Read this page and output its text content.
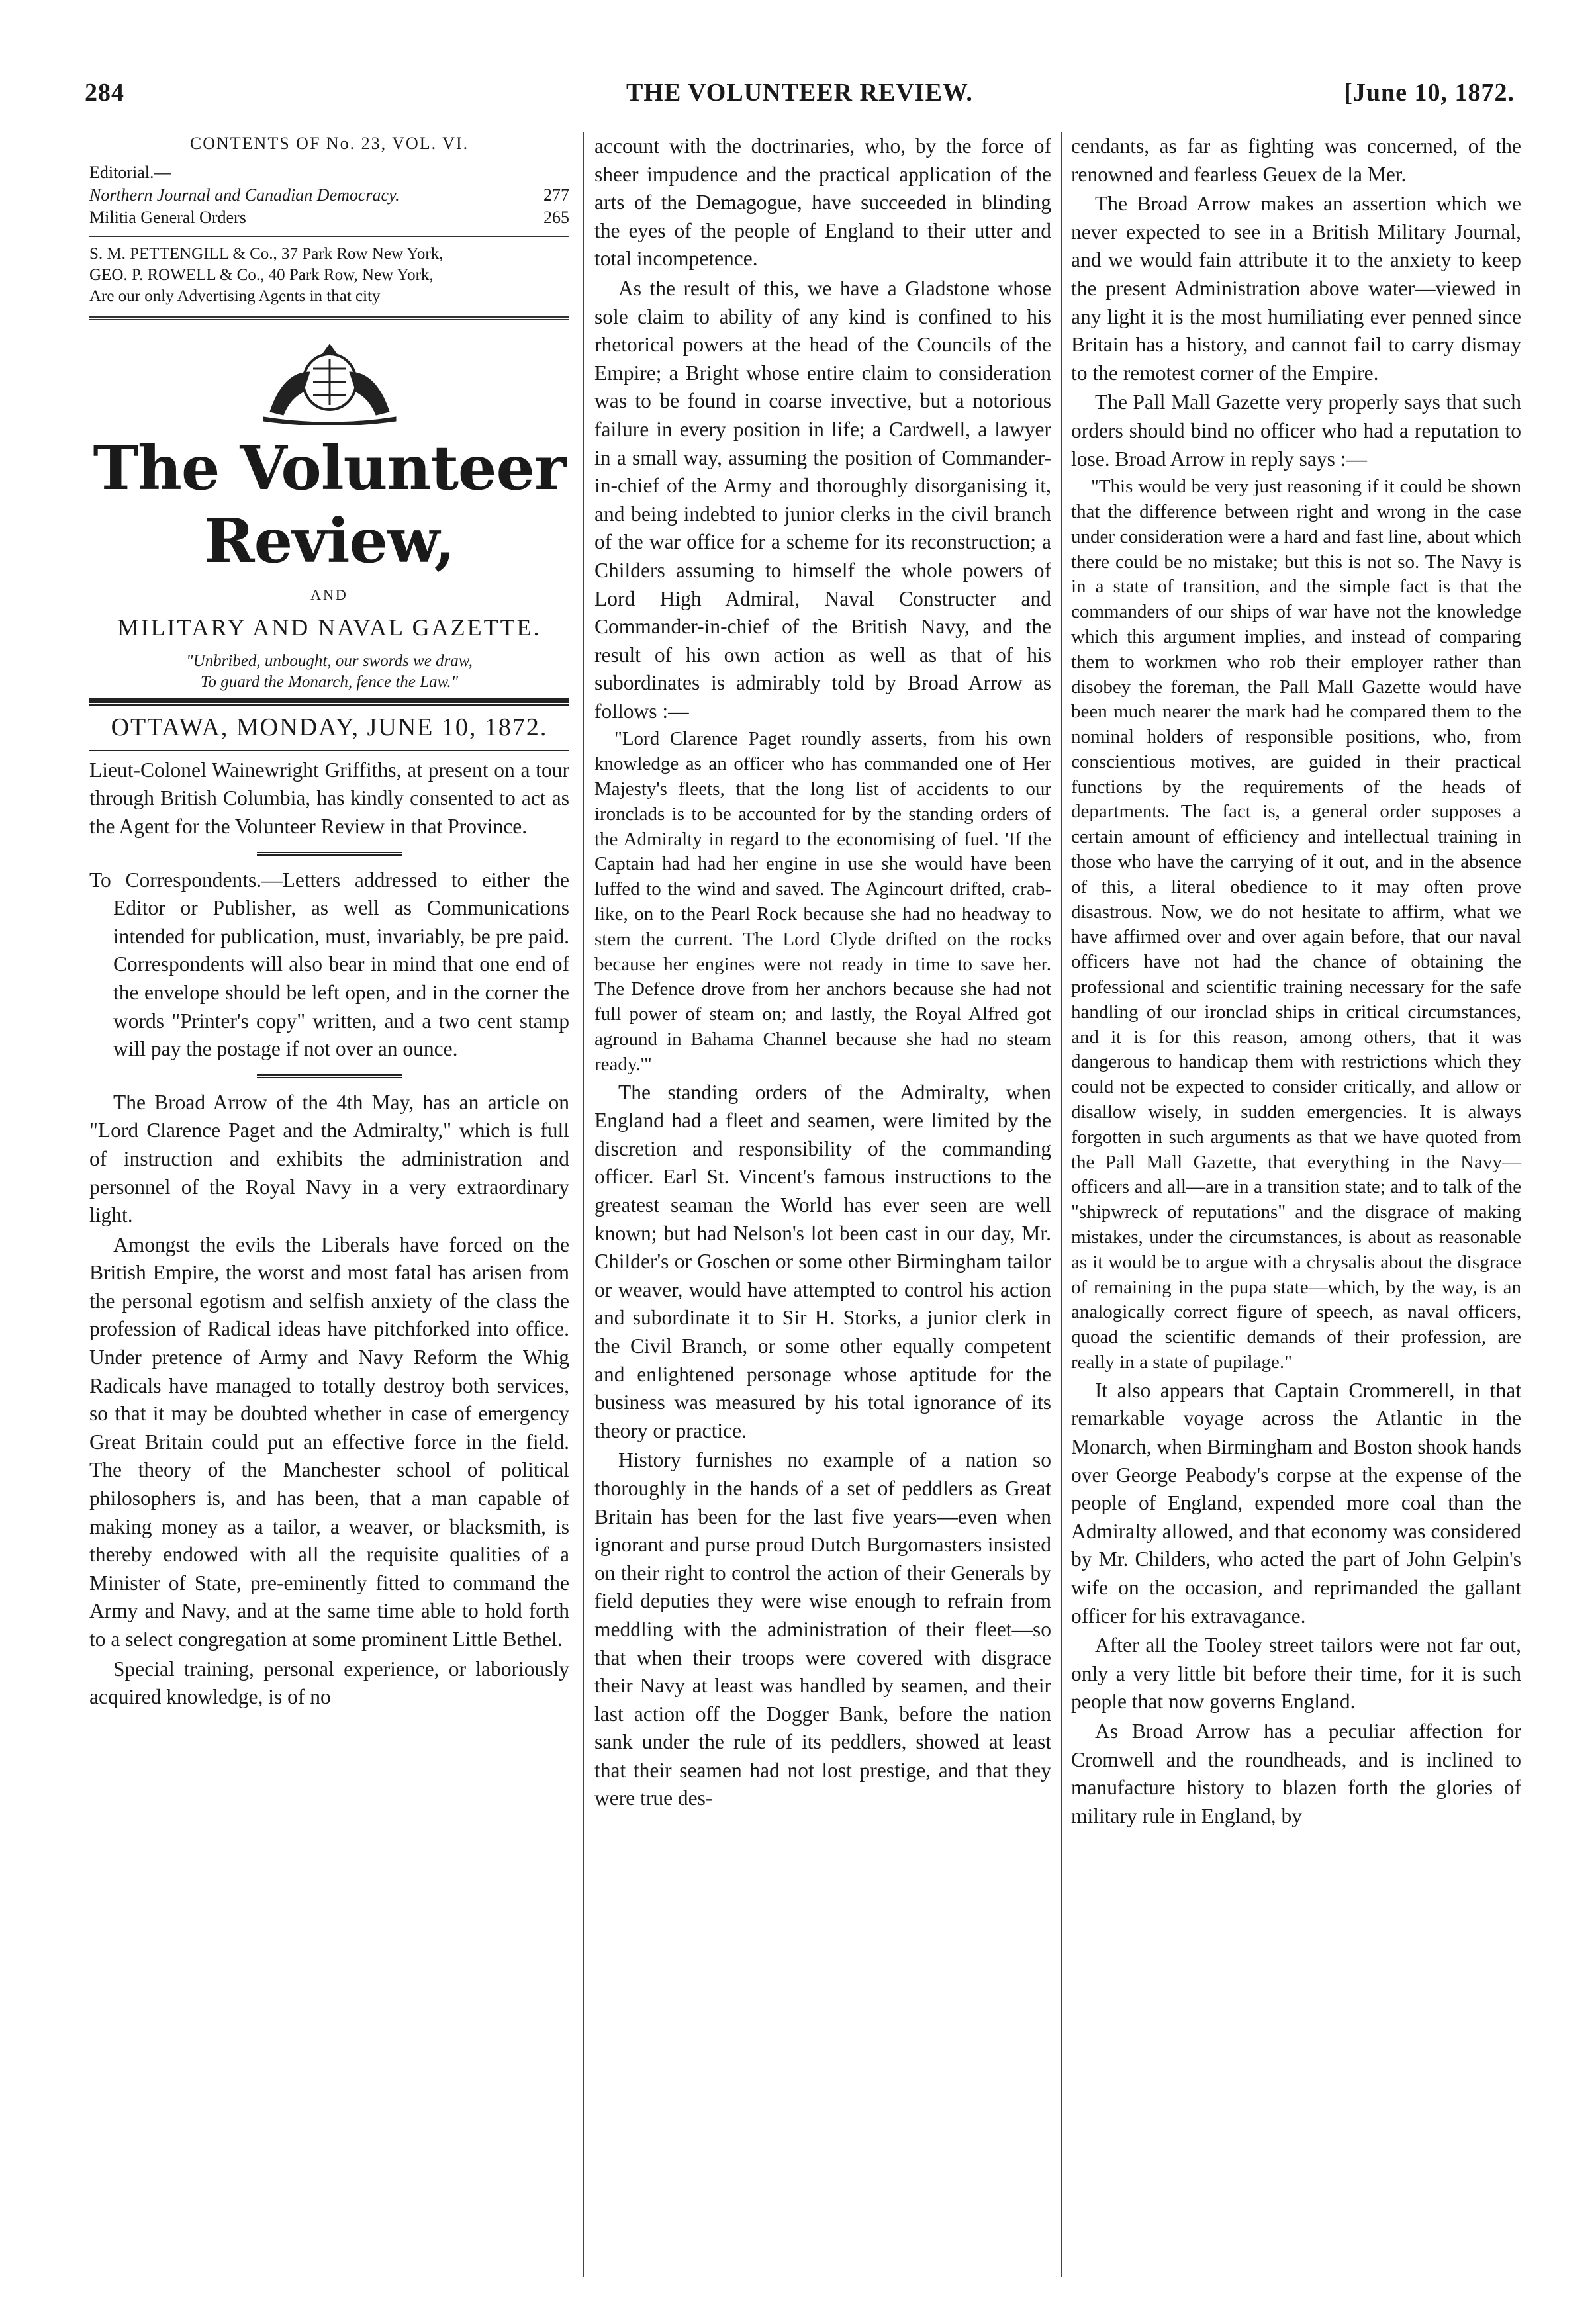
284	THE VOLUNTEER REVIEW.	[June 10, 1872.
CONTENTS OF No. 23, VOL. VI.
Editorial.—
Northern Journal and Canadian Democracy.	277
Militia General Orders	265
S. M. PETTENGILL & Co., 37 Park Row New York,
GEO. P. ROWELL & Co., 40 Park Row, New York,
Are our only Advertising Agents in that city
The Volunteer Review,
AND
MILITARY AND NAVAL GAZETTE.
"Unbribed, unbought, our swords we draw,
To guard the Monarch, fence the Law."
OTTAWA, MONDAY, JUNE 10, 1872.

Lieut-Colonel Wainewright Griffiths, at present on a tour through British Columbia, has kindly consented to act as the Agent for the Volunteer Review in that Province.

To Correspondents.—Letters addressed to either the Editor or Publisher, as well as Communications intended for publication, must, invariably, be pre paid. Correspondents will also bear in mind that one end of the envelope should be left open, and in the corner the words "Printer's copy" written, and a two cent stamp will pay the postage if not over an ounce.

The Broad Arrow of the 4th May, has an article on "Lord Clarence Paget and the Admiralty," which is full of instruction and exhibits the administration and personnel of the Royal Navy in a very extraordinary light.

Amongst the evils the Liberals have forced on the British Empire, the worst and most fatal has arisen from the personal egotism and selfish anxiety of the class the profession of Radical ideas have pitchforked into office. Under pretence of Army and Navy Reform the Whig Radicals have managed to totally destroy both services, so that it may be doubted whether in case of emergency Great Britain could put an effective force in the field. The theory of the Manchester school of political philosophers is, and has been, that a man capable of making money as a tailor, a weaver, or blacksmith, is thereby endowed with all the requisite qualities of a Minister of State, pre-eminently fitted to command the Army and Navy, and at the same time able to hold forth to a select congregation at some prominent Little Bethel.

Special training, personal experience, or laboriously acquired knowledge, is of no

account with the doctrinaries, who, by the force of sheer impudence and the practical application of the arts of the Demagogue, have succeeded in blinding the eyes of the people of England to their utter and total incompetence.

As the result of this, we have a Gladstone whose sole claim to ability of any kind is confined to his rhetorical powers at the head of the Councils of the Empire; a Bright whose entire claim to consideration was to be found in coarse invective, but a notorious failure in every position in life; a Cardwell, a lawyer in a small way, assuming the position of Commander-in-chief of the Army and thoroughly disorganising it, and being indebted to junior clerks in the civil branch of the war office for a scheme for its reconstruction; a Childers assuming to himself the whole powers of Lord High Admiral, Naval Constructer and Commander-in-chief of the British Navy, and the result of his own action as well as that of his subordinates is admirably told by Broad Arrow as follows :—

"Lord Clarence Paget roundly asserts, from his own knowledge as an officer who has commanded one of Her Majesty's fleets, that the long list of accidents to our ironclads is to be accounted for by the standing orders of the Admiralty in regard to the economising of fuel. 'If the Captain had had her engine in use she would have been luffed to the wind and saved. The Agincourt drifted, crab-like, on to the Pearl Rock because she had no headway to stem the current. The Lord Clyde drifted on the rocks because her engines were not ready in time to save her. The Defence drove from her anchors because she had not full power of steam on; and lastly, the Royal Alfred got aground in Bahama Channel because she had no steam ready.'"

The standing orders of the Admiralty, when England had a fleet and seamen, were limited by the discretion and responsibility of the commanding officer. Earl St. Vincent's famous instructions to the greatest seaman the World has ever seen are well known; but had Nelson's lot been cast in our day, Mr. Childer's or Goschen or some other Birmingham tailor or weaver, would have attempted to control his action and subordinate it to Sir H. Storks, a junior clerk in the Civil Branch, or some other equally competent and enlightened personage whose aptitude for the business was measured by his total ignorance of its theory or practice.

History furnishes no example of a nation so thoroughly in the hands of a set of peddlers as Great Britain has been for the last five years—even when ignorant and purse proud Dutch Burgomasters insisted on their right to control the action of their Generals by field deputies they were wise enough to refrain from meddling with the administration of their fleet—so that when their troops were covered with disgrace their Navy at least was handled by seamen, and their last action off the Dogger Bank, before the nation sank under the rule of its peddlers, showed at least that their seamen had not lost prestige, and that they were true des-

cendants, as far as fighting was concerned, of the renowned and fearless Geuex de la Mer.

The Broad Arrow makes an assertion which we never expected to see in a British Military Journal, and we would fain attribute it to the anxiety to keep the present Administration above water—viewed in any light it is the most humiliating ever penned since Britain has a history, and cannot fail to carry dismay to the remotest corner of the Empire.

The Pall Mall Gazette very properly says that such orders should bind no officer who had a reputation to lose. Broad Arrow in reply says :—

"This would be very just reasoning if it could be shown that the difference between right and wrong in the case under consideration were a hard and fast line, about which there could be no mistake; but this is not so. The Navy is in a state of transition, and the simple fact is that the commanders of our ships of war have not the knowledge which this argument implies, and instead of comparing them to workmen who rob their employer rather than disobey the foreman, the Pall Mall Gazette would have been much nearer the mark had he compared them to the nominal holders of responsible positions, who, from conscientious motives, are guided in their practical functions by the requirements of the heads of departments. The fact is, a general order supposes a certain amount of efficiency and intellectual training in those who have the carrying of it out, and in the absence of this, a literal obedience to it may often prove disastrous. Now, we do not hesitate to affirm, what we have affirmed over and over again before, that our naval officers have not had the chance of obtaining the professional and scientific training necessary for the safe handling of our ironclad ships in critical circumstances, and it is for this reason, among others, that it was dangerous to handicap them with restrictions which they could not be expected to consider critically, and allow or disallow wisely, in sudden emergencies. It is always forgotten in such arguments as that we have quoted from the Pall Mall Gazette, that everything in the Navy—officers and all—are in a transition state; and to talk of the "shipwreck of reputations" and the disgrace of making mistakes, under the circumstances, is about as reasonable as it would be to argue with a chrysalis about the disgrace of remaining in the pupa state—which, by the way, is an analogically correct figure of speech, as naval officers, quoad the scientific demands of their profession, are really in a state of pupilage."

It also appears that Captain Crommerell, in that remarkable voyage across the Atlantic in the Monarch, when Birmingham and Boston shook hands over George Peabody's corpse at the expense of the people of England, expended more coal than the Admiralty allowed, and that economy was considered by Mr. Childers, who acted the part of John Gelpin's wife on the occasion, and reprimanded the gallant officer for his extravagance.

After all the Tooley street tailors were not far out, only a very little bit before their time, for it is such people that now governs England.

As Broad Arrow has a peculiar affection for Cromwell and the roundheads, and is inclined to manufacture history to blazen forth the glories of military rule in England, by
